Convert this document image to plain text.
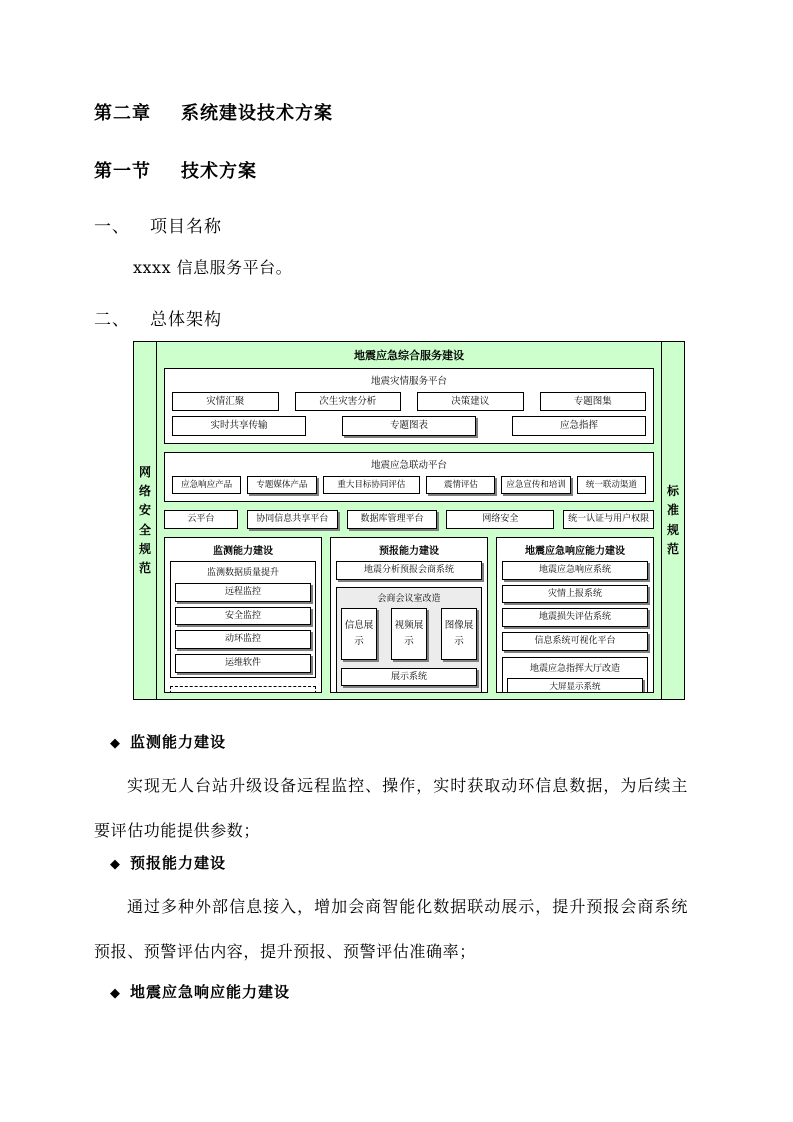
第二章 系统建设技术方案
第一节 技术方案
一、 项目名称
xxxx 信息服务平台。
二、 总体架构
网络安全规范
地震应急综合服务建设
地震灾情服务平台
灾情汇聚	次生灾害分析	决策建议	专题图集
实时共享传输	专题图表	应急指挥
地震应急联动平台
应急响应产品	专题媒体产品	重大目标协同评估	震情评估	应急宣传和培训	统一联动渠道
云平台	协同信息共享平台	数据库管理平台	网络安全	统一认证与用户权限
监测能力建设
监测数据质量提升
远程监控
安全监控
动环监控
运维软件
预报能力建设
地震分析预报会商系统
会商会议室改造
信息展示
视频展示
图像展示
展示系统
地震应急响应能力建设
地震应急响应系统
灾情上报系统
地震损失评估系统
信息系统可视化平台
地震应急指挥大厅改造
大屏显示系统
标准规范
◆ 监测能力建设
实现无人台站升级设备远程监控、操作，实时获取动环信息数据，为后续主要评估功能提供参数；
◆ 预报能力建设
通过多种外部信息接入，增加会商智能化数据联动展示，提升预报会商系统预报、预警评估内容，提升预报、预警评估准确率；
◆ 地震应急响应能力建设
